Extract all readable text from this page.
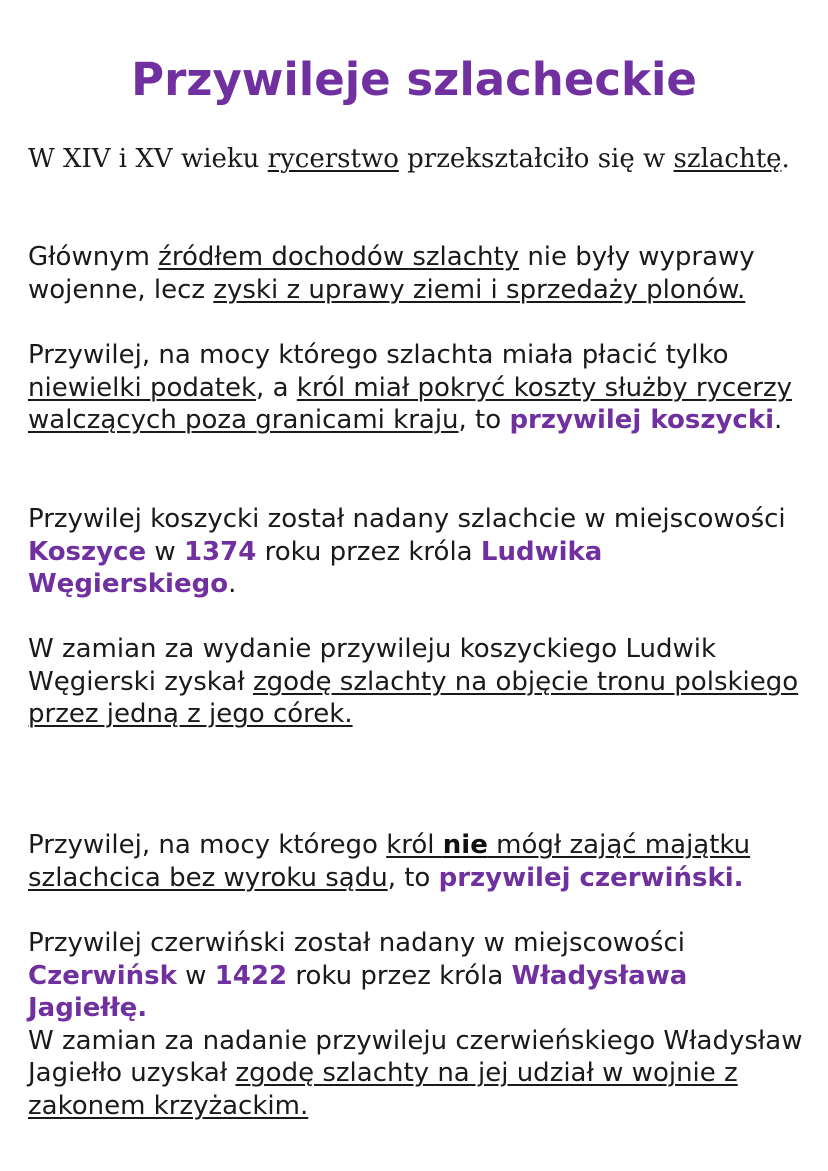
Przywileje szlacheckie

W XIV i XV wieku rycerstwo przekształciło się w szlachtę.

Głównym źródłem dochodów szlachty nie były wyprawy wojenne, lecz zyski z uprawy ziemi i sprzedaży plonów.

Przywilej, na mocy którego szlachta miała płacić tylko niewielki podatek, a król miał pokryć koszty służby rycerzy walczących poza granicami kraju, to przywilej koszycki.

Przywilej koszycki został nadany szlachcie w miejscowości Koszyce w 1374 roku przez króla Ludwika Węgierskiego.

W zamian za wydanie przywileju koszyckiego Ludwik Węgierski zyskał zgodę szlachty na objęcie tronu polskiego przez jedną z jego córek.

Przywilej, na mocy którego król nie mógł zająć majątku szlachcica bez wyroku sądu, to przywilej czerwiński.

Przywilej czerwiński został nadany w miejscowości Czerwińsk w 1422 roku przez króla Władysława Jagiełłę.
W zamian za nadanie przywileju czerwieńskiego Władysław Jagiełło uzyskał zgodę szlachty na jej udział w wojnie z zakonem krzyżackim.
